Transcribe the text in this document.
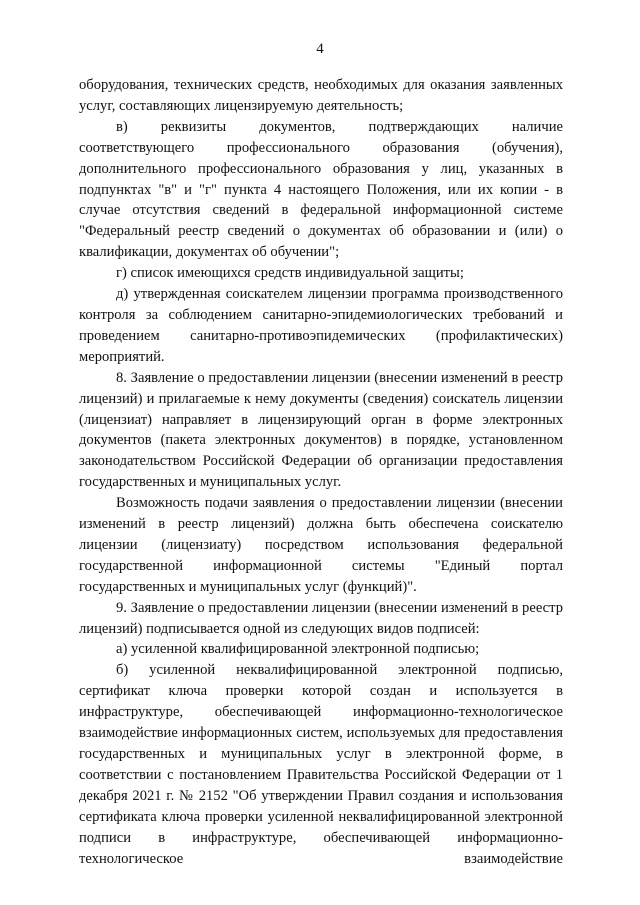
4

оборудования, технических средств, необходимых для оказания заявленных услуг, составляющих лицензируемую деятельность;

в) реквизиты документов, подтверждающих наличие соответствующего профессионального образования (обучения), дополнительного профессионального образования у лиц, указанных в подпунктах "в" и "г" пункта 4 настоящего Положения, или их копии - в случае отсутствия сведений в федеральной информационной системе "Федеральный реестр сведений о документах об образовании и (или) о квалификации, документах об обучении";

г) список имеющихся средств индивидуальной защиты;

д) утвержденная соискателем лицензии программа производственного контроля за соблюдением санитарно-эпидемиологических требований и проведением санитарно-противоэпидемических (профилактических) мероприятий.

8. Заявление о предоставлении лицензии (внесении изменений в реестр лицензий) и прилагаемые к нему документы (сведения) соискатель лицензии (лицензиат) направляет в лицензирующий орган в форме электронных документов (пакета электронных документов) в порядке, установленном законодательством Российской Федерации об организации предоставления государственных и муниципальных услуг.

Возможность подачи заявления о предоставлении лицензии (внесении изменений в реестр лицензий) должна быть обеспечена соискателю лицензии (лицензиату) посредством использования федеральной государственной информационной системы "Единый портал государственных и муниципальных услуг (функций)".

9. Заявление о предоставлении лицензии (внесении изменений в реестр лицензий) подписывается одной из следующих видов подписей:

а) усиленной квалифицированной электронной подписью;

б) усиленной неквалифицированной электронной подписью, сертификат ключа проверки которой создан и используется в инфраструктуре, обеспечивающей информационно-технологическое взаимодействие информационных систем, используемых для предоставления государственных и муниципальных услуг в электронной форме, в соответствии с постановлением Правительства Российской Федерации от 1 декабря 2021 г. № 2152 "Об утверждении Правил создания и использования сертификата ключа проверки усиленной неквалифицированной электронной подписи в инфраструктуре, обеспечивающей информационно-технологическое взаимодействие
